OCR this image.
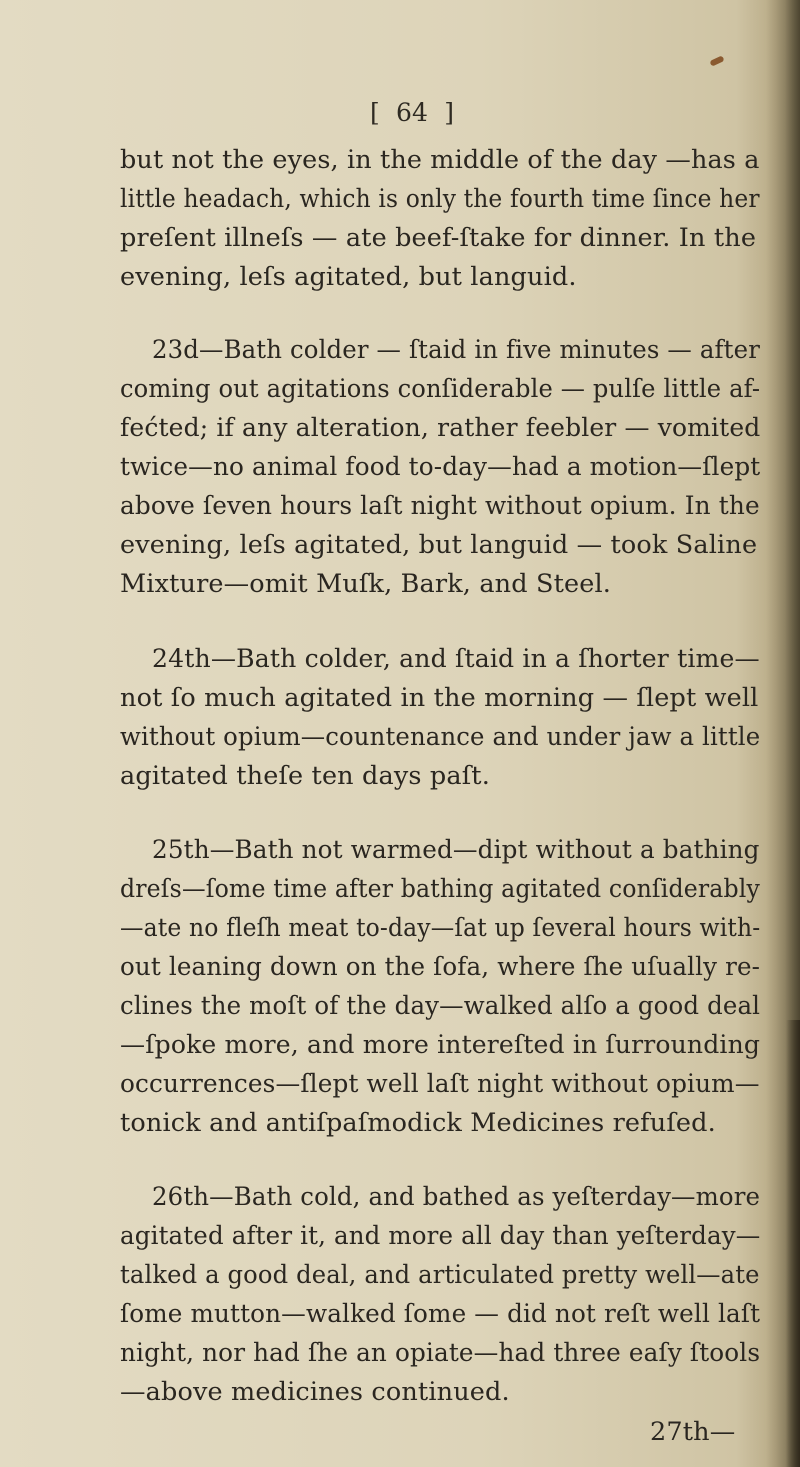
[ 64 ]
but not the eyes, in the middle of the day —has a
little headach, which is only the fourth time ſince her
preſent illneſs — ate beef-ſtake for dinner. In the
evening, leſs agitated, but languid.
23d—Bath colder — ſtaid in five minutes — after
coming out agitations conſiderable — pulſe little af-
fećted; if any alteration, rather feebler — vomited
twice—no animal food to-day—had a motion—ſlept
above ſeven hours laſt night without opium. In the
evening, leſs agitated, but languid — took Saline
Mixture—omit Muſk, Bark, and Steel.
24th—Bath colder, and ſtaid in a ſhorter time—
not ſo much agitated in the morning — ſlept well
without opium—countenance and under jaw a little
agitated theſe ten days paſt.
25th—Bath not warmed—dipt without a bathing
dreſs—ſome time after bathing agitated conſiderably
—ate no fleſh meat to-day—ſat up ſeveral hours with-
out leaning down on the ſofa, where ſhe uſually re-
clines the moſt of the day—walked alſo a good deal
—ſpoke more, and more intereſted in ſurrounding
occurrences—ſlept well laſt night without opium—
tonick and antiſpaſmodick Medicines refuſed.
26th—Bath cold, and bathed as yeſterday—more
agitated after it, and more all day than yeſterday—
talked a good deal, and articulated pretty well—ate
ſome mutton—walked ſome — did not reſt well laſt
night, nor had ſhe an opiate—had three eaſy ſtools
—above medicines continued.
27th—
